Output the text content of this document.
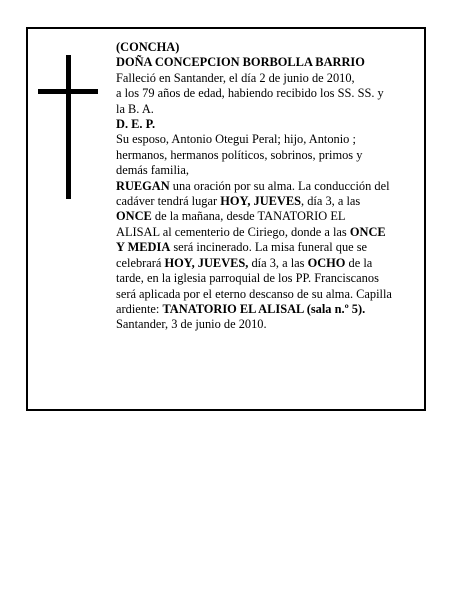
(CONCHA)

DOÑA CONCEPCION BORBOLLA BARRIO

Falleció en Santander, el día 2 de junio de 2010,

a los 79 años de edad, habiendo recibido los SS. SS. y

la B. A.

D. E. P.

Su esposo, Antonio Otegui Peral; hijo, Antonio ;

hermanos, hermanos políticos, sobrinos, primos y

demás familia,

RUEGAN una oración por su alma. La conducción del

cadáver tendrá lugar HOY, JUEVES, día 3, a las

ONCE de la mañana, desde TANATORIO EL

ALISAL al cementerio de Ciriego, donde a las ONCE

Y MEDIA será incinerado. La misa funeral que se

celebrará HOY, JUEVES, día 3, a las OCHO de la

tarde, en la iglesia parroquial de los PP. Franciscanos

será aplicada por el eterno descanso de su alma. Capilla

ardiente: TANATORIO EL ALISAL (sala n.º 5).

Santander, 3 de junio de 2010.
